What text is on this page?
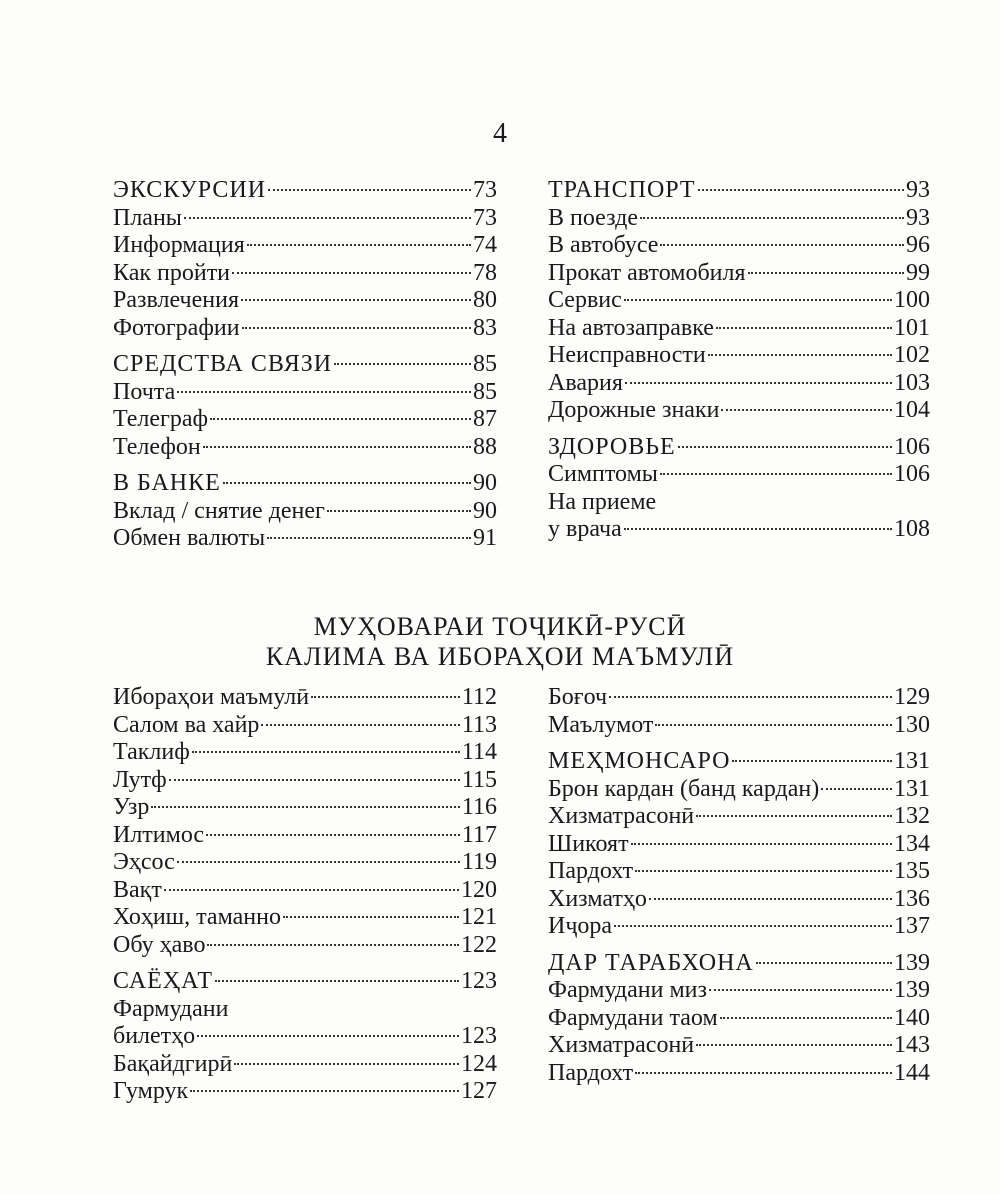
4
ЭКСКУРСИИ	73
Планы	73
Информация	74
Как пройти	78
Развлечения	80
Фотографии	83
СРЕДСТВА СВЯЗИ	85
Почта	85
Телеграф	87
Телефон	88
В БАНКЕ	90
Вклад / снятие денег	90
Обмен валюты	91
ТРАНСПОРТ	93
В поезде	93
В автобусе	96
Прокат автомобиля	99
Сервис	100
На автозаправке	101
Неисправности	102
Авария	103
Дорожные знаки	104
ЗДОРОВЬЕ	106
Симптомы	106
На приеме
у врача	108
МУҲОВАРАИ ТОҶИКӢ-РУСӢ
КАЛИМА ВА ИБОРАҲОИ МАЪМУЛӢ
Ибораҳои маъмулӣ	112
Салом ва хайр	113
Таклиф	114
Лутф	115
Узр	116
Илтимос	117
Эҳсос	119
Вақт	120
Хоҳиш, таманно	121
Обу ҳаво	122
САЁҲАТ	123
Фармудани
билетҳо	123
Бақайдгирӣ	124
Гумрук	127
Боғоч	129
Маълумот	130
МЕҲМОНСАРО	131
Брон кардан (банд кардан)	131
Хизматрасонӣ	132
Шикоят	134
Пардохт	135
Хизматҳо	136
Иҷора	137
ДАР ТАРАБХОНА	139
Фармудани миз	139
Фармудани таом	140
Хизматрасонӣ	143
Пардохт	144
